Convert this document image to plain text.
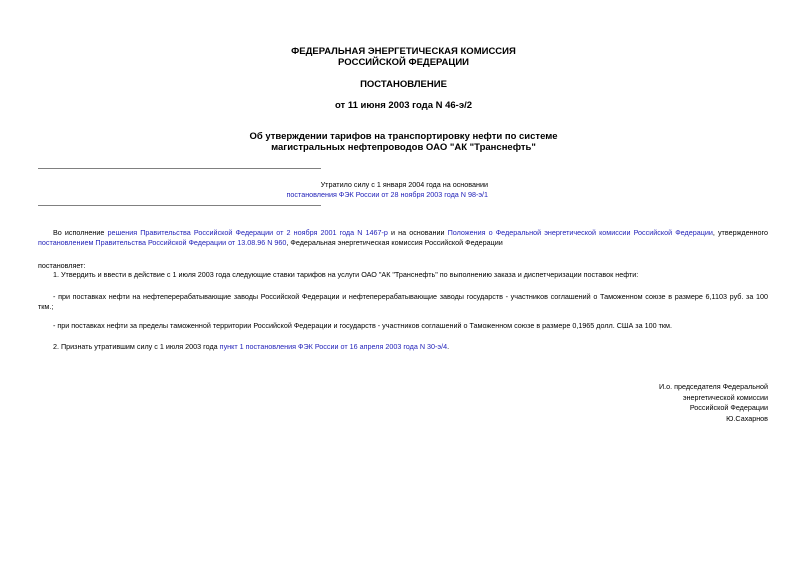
ФЕДЕРАЛЬНАЯ ЭНЕРГЕТИЧЕСКАЯ КОМИССИЯ
РОССИЙСКОЙ ФЕДЕРАЦИИ
ПОСТАНОВЛЕНИЕ
от 11 июня 2003 года N 46-э/2
Об утверждении тарифов на транспортировку нефти по системе
магистральных нефтепроводов ОАО "АК "Транснефть"
Утратило силу с 1 января 2004 года на основании
постановления ФЭК России от 28 ноября 2003 года N 98-э/1
Во исполнение решения Правительства Российской Федерации от 2 ноября 2001 года N 1467-р и на основании Положения о Федеральной энергетической комиссии Российской Федерации, утвержденного постановлением Правительства Российской Федерации от 13.08.96 N 960, Федеральная энергетическая комиссия Российской Федерации
постановляет:
1. Утвердить и ввести в действие с 1 июля 2003 года следующие ставки тарифов на услуги ОАО "АК "Транснефть" по выполнению заказа и диспетчеризации поставок нефти:
- при поставках нефти на нефтеперерабатывающие заводы Российской Федерации и нефтеперерабатывающие заводы государств - участников соглашений о Таможенном союзе в размере 6,1103 руб. за 100 ткм.;
- при поставках нефти за пределы таможенной территории Российской Федерации и государств - участников соглашений о Таможенном союзе в размере 0,1965 долл. США за 100 ткм.
2. Признать утратившим силу с 1 июля 2003 года пункт 1 постановления ФЭК России от 16 апреля 2003 года N 30-э/4.
И.о. председателя Федеральной
энергетической комиссии
Российской Федерации
Ю.Сахарнов
